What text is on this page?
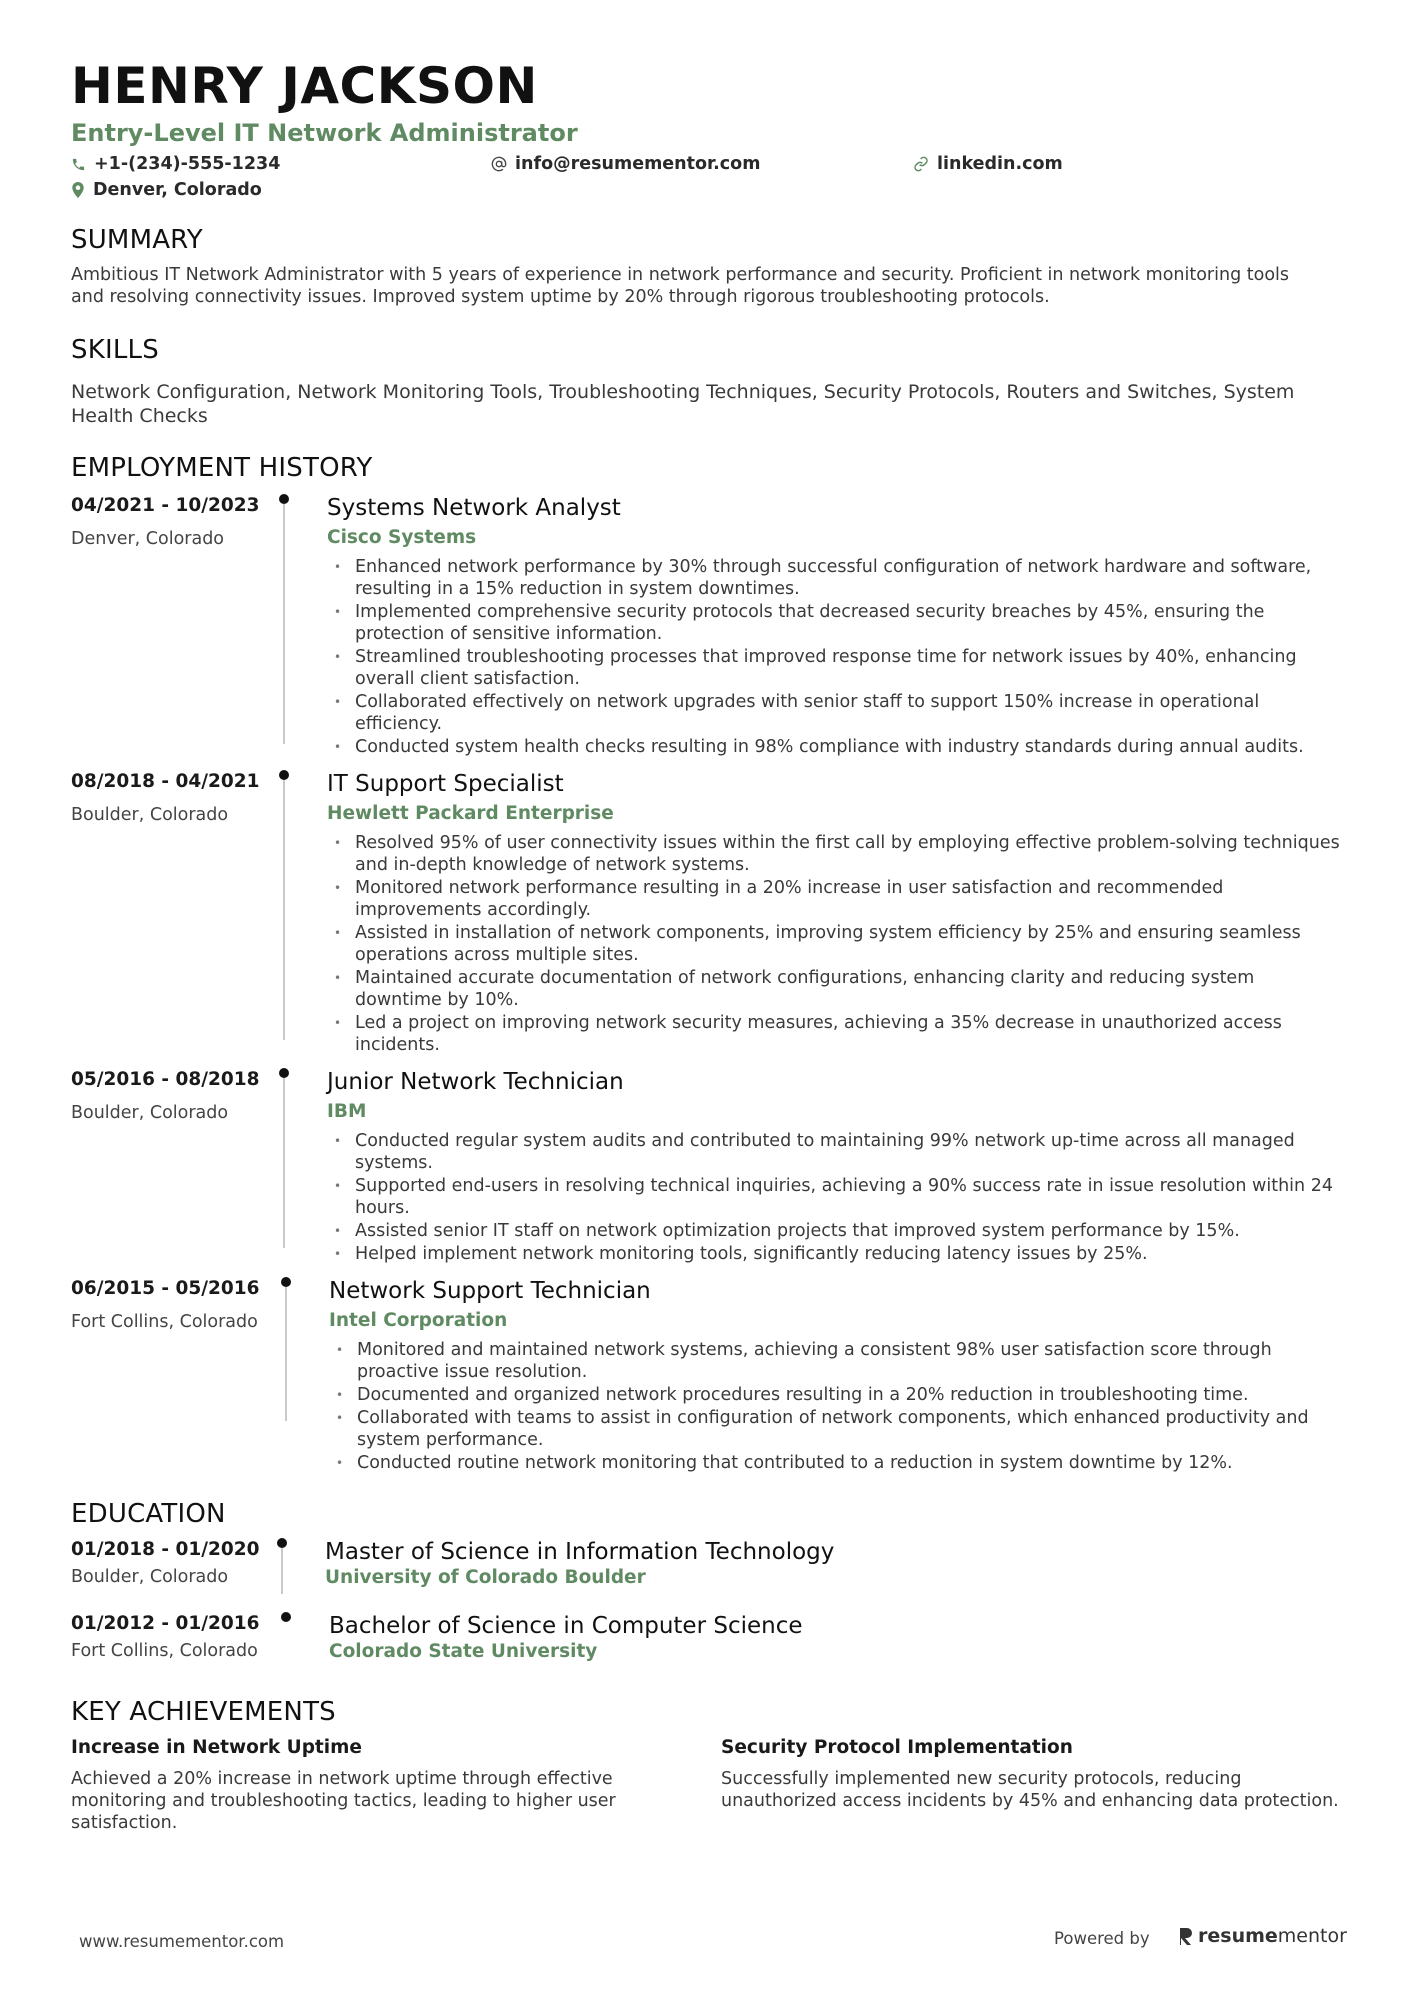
HENRY JACKSON
Entry-Level IT Network Administrator
+1-(234)-555-1234	info@resumementor.com	linkedin.com
Denver, Colorado
SUMMARY
Ambitious IT Network Administrator with 5 years of experience in network performance and security. Proficient in network monitoring tools and resolving connectivity issues. Improved system uptime by 20% through rigorous troubleshooting protocols.
SKILLS
Network Configuration, Network Monitoring Tools, Troubleshooting Techniques, Security Protocols, Routers and Switches, System Health Checks
EMPLOYMENT HISTORY
04/2021 - 10/2023
Denver, Colorado
Systems Network Analyst
Cisco Systems
• Enhanced network performance by 30% through successful configuration of network hardware and software, resulting in a 15% reduction in system downtimes.
• Implemented comprehensive security protocols that decreased security breaches by 45%, ensuring the protection of sensitive information.
• Streamlined troubleshooting processes that improved response time for network issues by 40%, enhancing overall client satisfaction.
• Collaborated effectively on network upgrades with senior staff to support 150% increase in operational efficiency.
• Conducted system health checks resulting in 98% compliance with industry standards during annual audits.
08/2018 - 04/2021
Boulder, Colorado
IT Support Specialist
Hewlett Packard Enterprise
• Resolved 95% of user connectivity issues within the first call by employing effective problem-solving techniques and in-depth knowledge of network systems.
• Monitored network performance resulting in a 20% increase in user satisfaction and recommended improvements accordingly.
• Assisted in installation of network components, improving system efficiency by 25% and ensuring seamless operations across multiple sites.
• Maintained accurate documentation of network configurations, enhancing clarity and reducing system downtime by 10%.
• Led a project on improving network security measures, achieving a 35% decrease in unauthorized access incidents.
05/2016 - 08/2018
Boulder, Colorado
Junior Network Technician
IBM
• Conducted regular system audits and contributed to maintaining 99% network up-time across all managed systems.
• Supported end-users in resolving technical inquiries, achieving a 90% success rate in issue resolution within 24 hours.
• Assisted senior IT staff on network optimization projects that improved system performance by 15%.
• Helped implement network monitoring tools, significantly reducing latency issues by 25%.
06/2015 - 05/2016
Fort Collins, Colorado
Network Support Technician
Intel Corporation
• Monitored and maintained network systems, achieving a consistent 98% user satisfaction score through proactive issue resolution.
• Documented and organized network procedures resulting in a 20% reduction in troubleshooting time.
• Collaborated with teams to assist in configuration of network components, which enhanced productivity and system performance.
• Conducted routine network monitoring that contributed to a reduction in system downtime by 12%.
EDUCATION
01/2018 - 01/2020
Boulder, Colorado
Master of Science in Information Technology
University of Colorado Boulder
01/2012 - 01/2016
Fort Collins, Colorado
Bachelor of Science in Computer Science
Colorado State University
KEY ACHIEVEMENTS
Increase in Network Uptime
Achieved a 20% increase in network uptime through effective monitoring and troubleshooting tactics, leading to higher user satisfaction.
Security Protocol Implementation
Successfully implemented new security protocols, reducing unauthorized access incidents by 45% and enhancing data protection.
www.resumementor.com	Powered by	resume mentor
